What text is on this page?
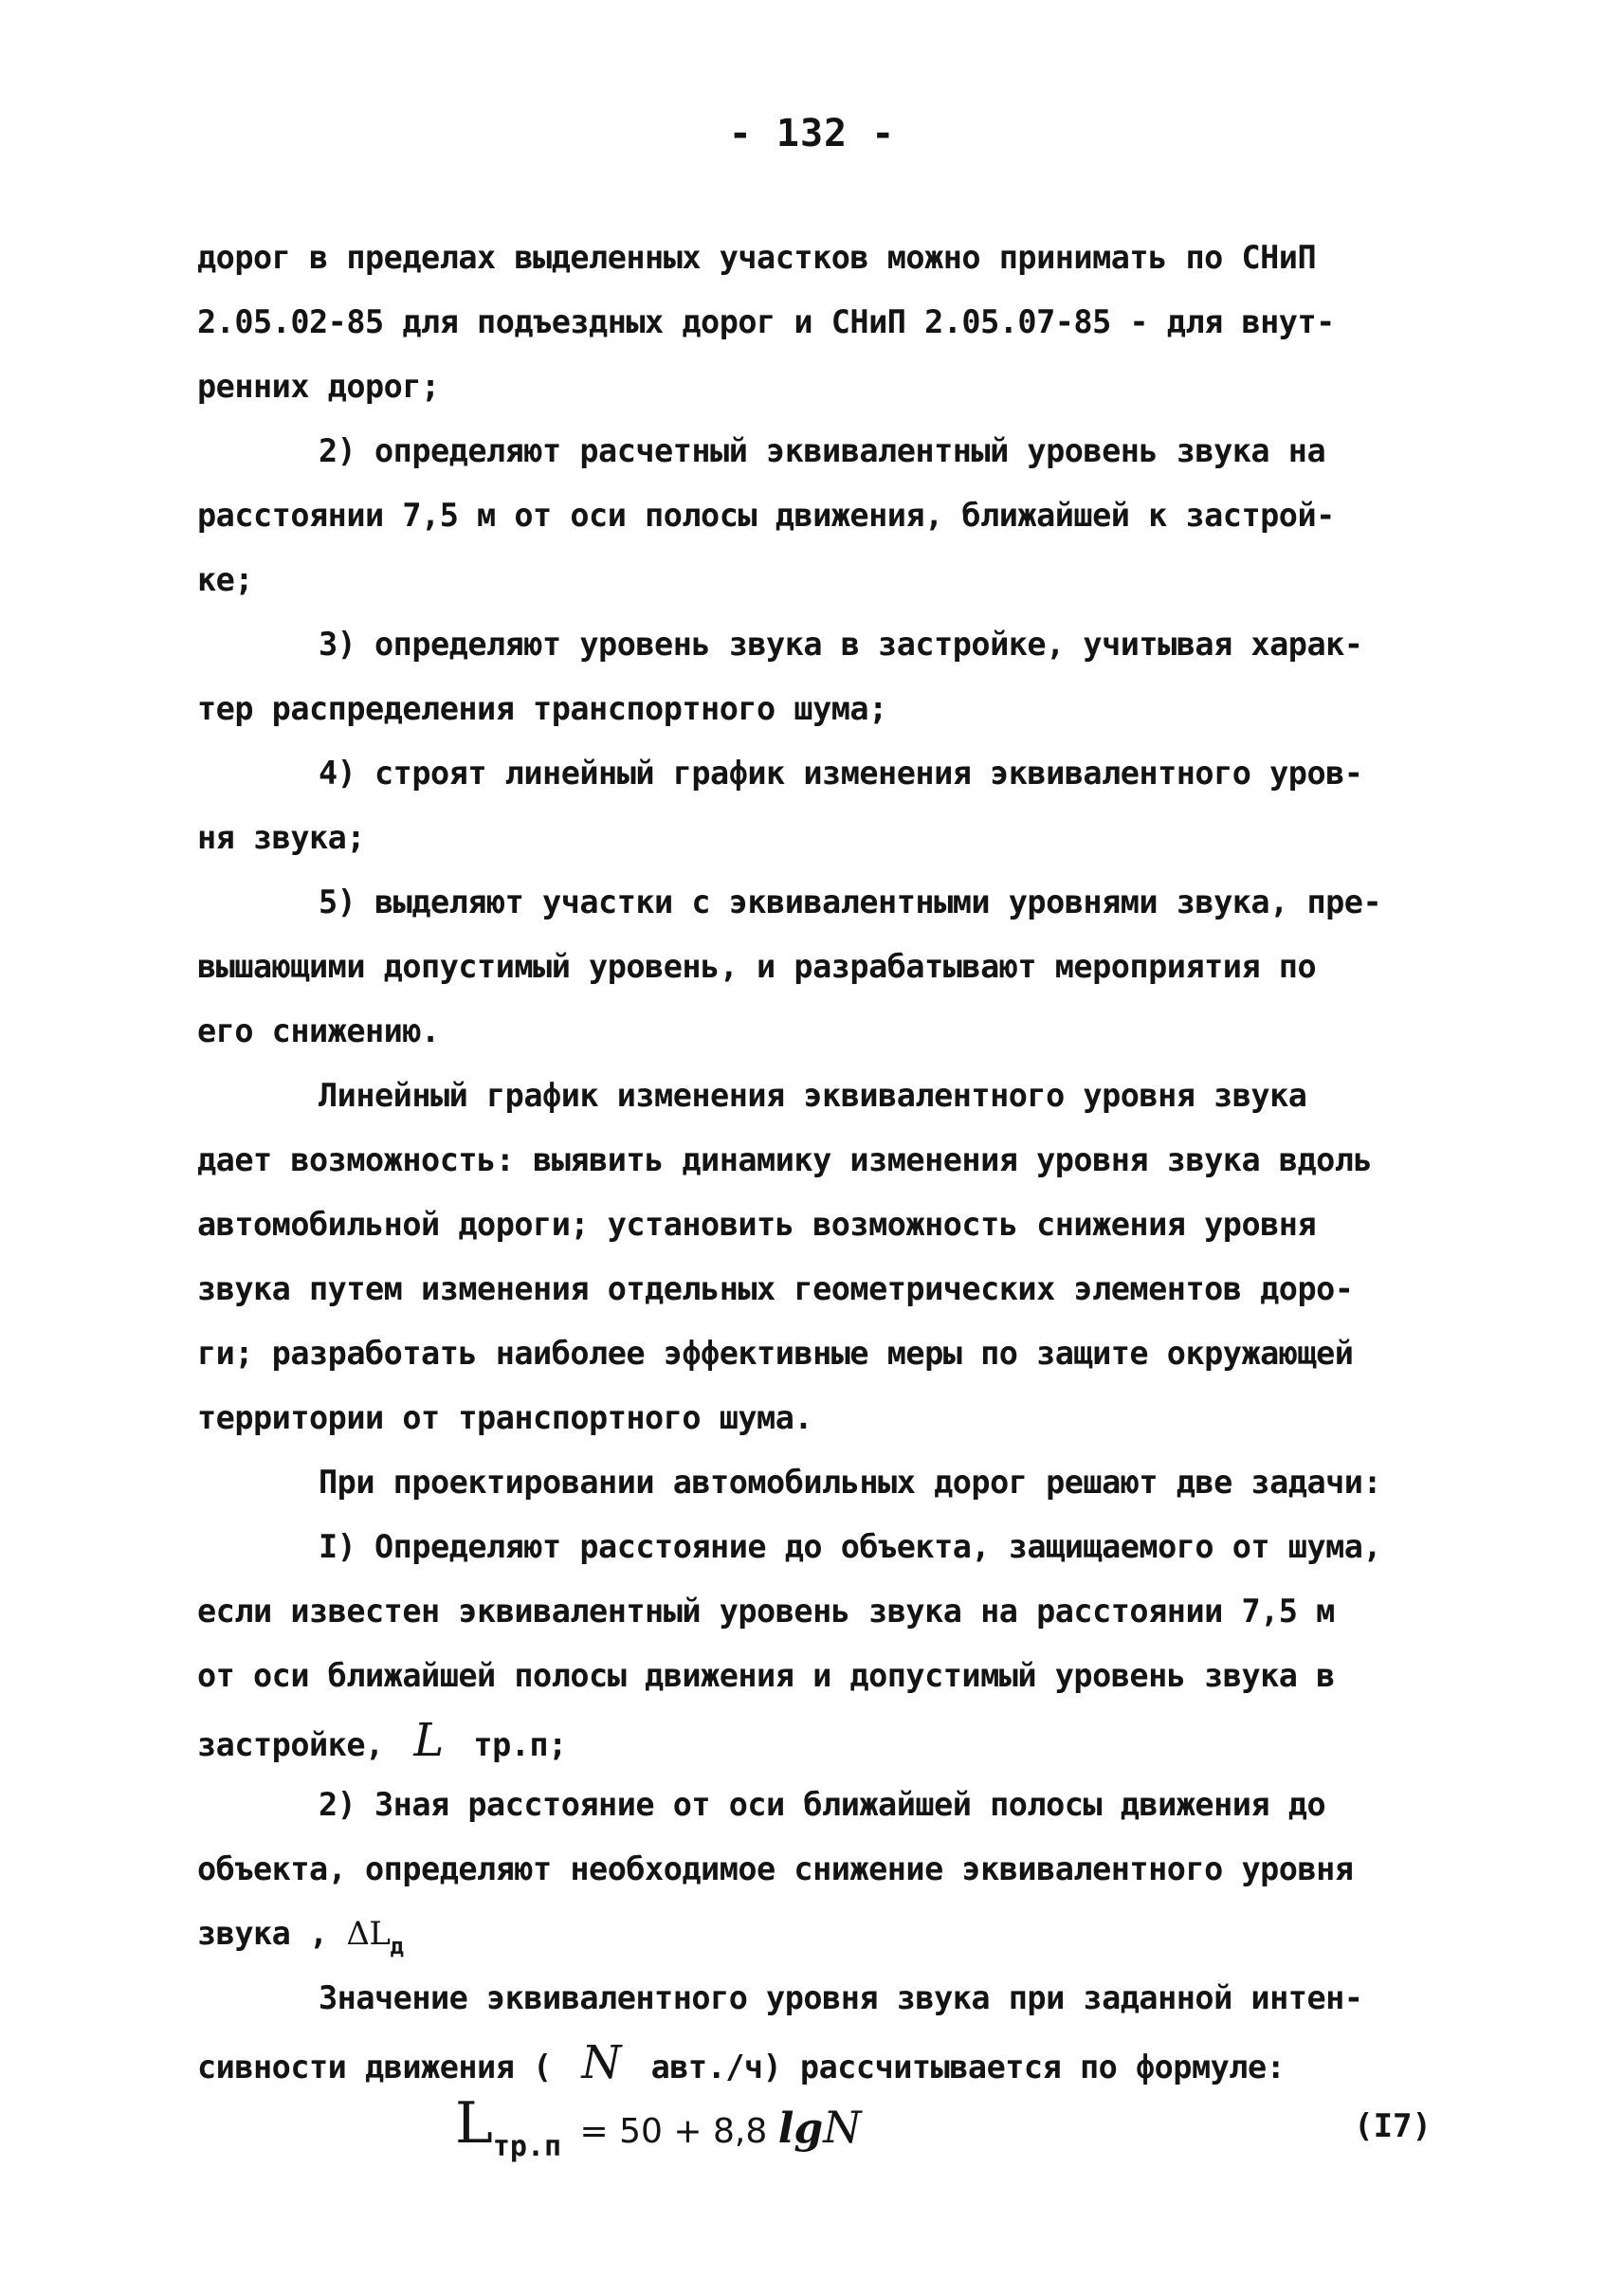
- 132 -
дорог в пределах выделенных участков можно принимать по СНиП
2.05.02-85 для подъездных дорог и СНиП 2.05.07-85 - для внут-
ренних дорог;
2) определяют расчетный эквивалентный уровень звука на
расстоянии 7,5 м от оси полосы движения, ближайшей к застрой-
ке;
3) определяют уровень звука в застройке, учитывая харак-
тер распределения транспортного шума;
4) строят линейный график изменения эквивалентного уров-
ня звука;
5) выделяют участки с эквивалентными уровнями звука, пре-
вышающими допустимый уровень, и разрабатывают мероприятия по
его снижению.
Линейный график изменения эквивалентного уровня звука
дает возможность: выявить динамику изменения уровня звука вдоль
автомобильной дороги; установить возможность снижения уровня
звука путем изменения отдельных геометрических элементов доро-
ги; разработать наиболее эффективные меры по защите окружающей
территории от транспортного шума.
При проектировании автомобильных дорог решают две задачи:
I) Определяют расстояние до объекта, защищаемого от шума,
если известен эквивалентный уровень звука на расстоянии 7,5 м
от оси ближайшей полосы движения и допустимый уровень звука в
застройке, L тр.п;
2) Зная расстояние от оси ближайшей полосы движения до
объекта, определяют необходимое снижение эквивалентного уровня
звука , $\Delta L_д$
Значение эквивалентного уровня звука при заданной интен-
сивности движения ( N авт./ч) рассчитывается по формуле:
$L_{тр.п} = 50 + 8,8$ lgN	(I7)
